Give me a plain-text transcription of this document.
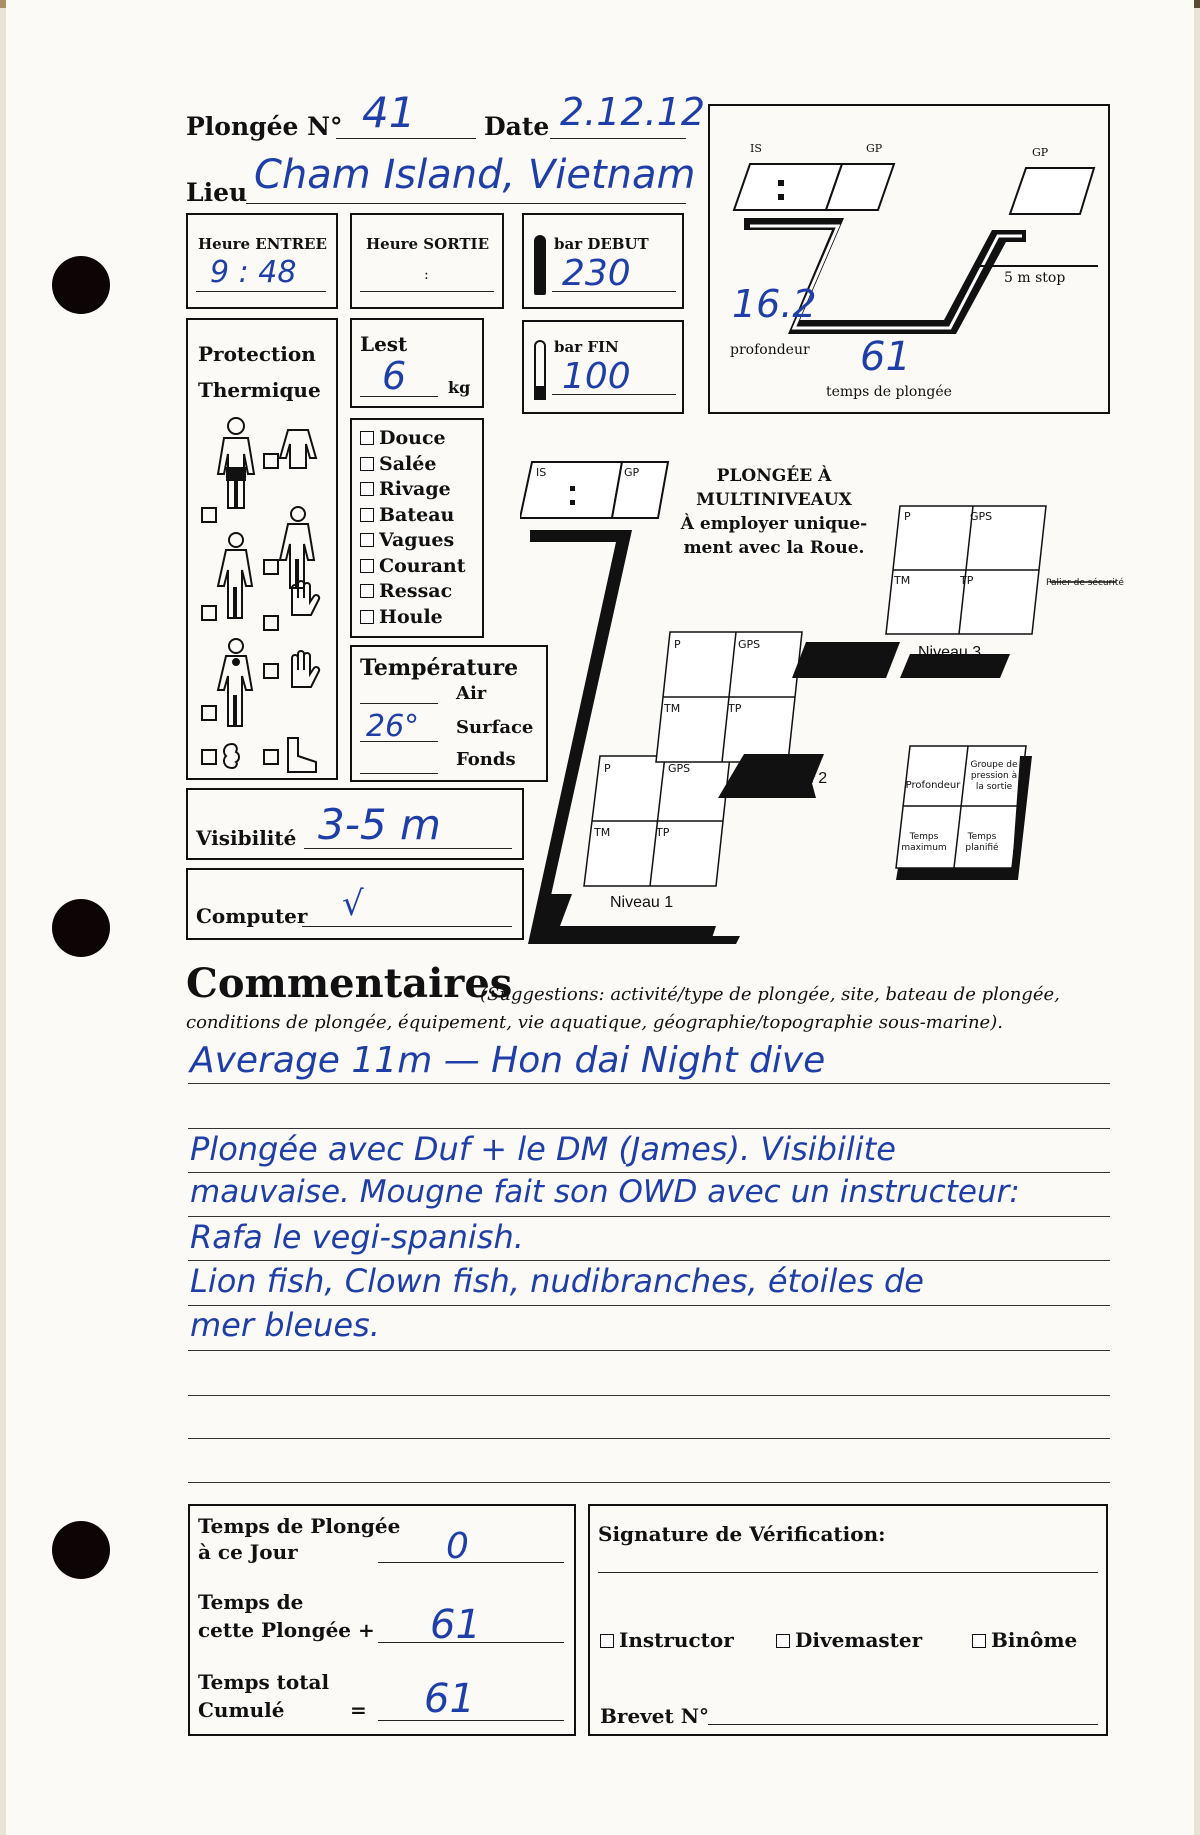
Plongée N° 41	Date 2.12.12
Lieu Cham Island, Vietnam
Heure ENTREE
9 : 48
Heure SORTIE
:
bar DEBUT
230
Protection
Thermique
Lest
6	kg
bar FIN
100
Douce
Salée
Rivage
Bateau
Vagues
Courant
Ressac
Houle
Température
Air
26° Surface
Fonds
Visibilité 3-5 m
Computer √
IS	GP	GP
5 m stop
16.2
profondeur 61
temps de plongée
PLONGÉE À
MULTINIVEAUX
À employer unique-
ment avec la Roue.
IS	GP
P	GPS
TM	TP
Niveau 1
P	GPS
TM	TP
Niveau 2
P	GPS
TM	TP
Niveau 3
Palier de sécurité
Profondeur
Groupe de pression à la sortie
Temps maximum
Temps planifié
Commentaires
(Suggestions: activité/type de plongée, site, bateau de plongée,
conditions de plongée, équipement, vie aquatique, géographie/topographie sous-marine).
Average 11m — Hon dai Night dive
Plongée avec Duf + le DM (James). Visibilite
mauvaise. Mougne fait son OWD avec un instructeur:
Rafa le vegi-spanish.
Lion fish, Clown fish, nudibranches, étoiles de
mer bleues.
Temps de Plongée
à ce Jour	0
Temps de
cette Plongée + 61
Temps total
Cumulé	= 61
Signature de Vérification:
Instructor	Divemaster	Binôme
Brevet N°
